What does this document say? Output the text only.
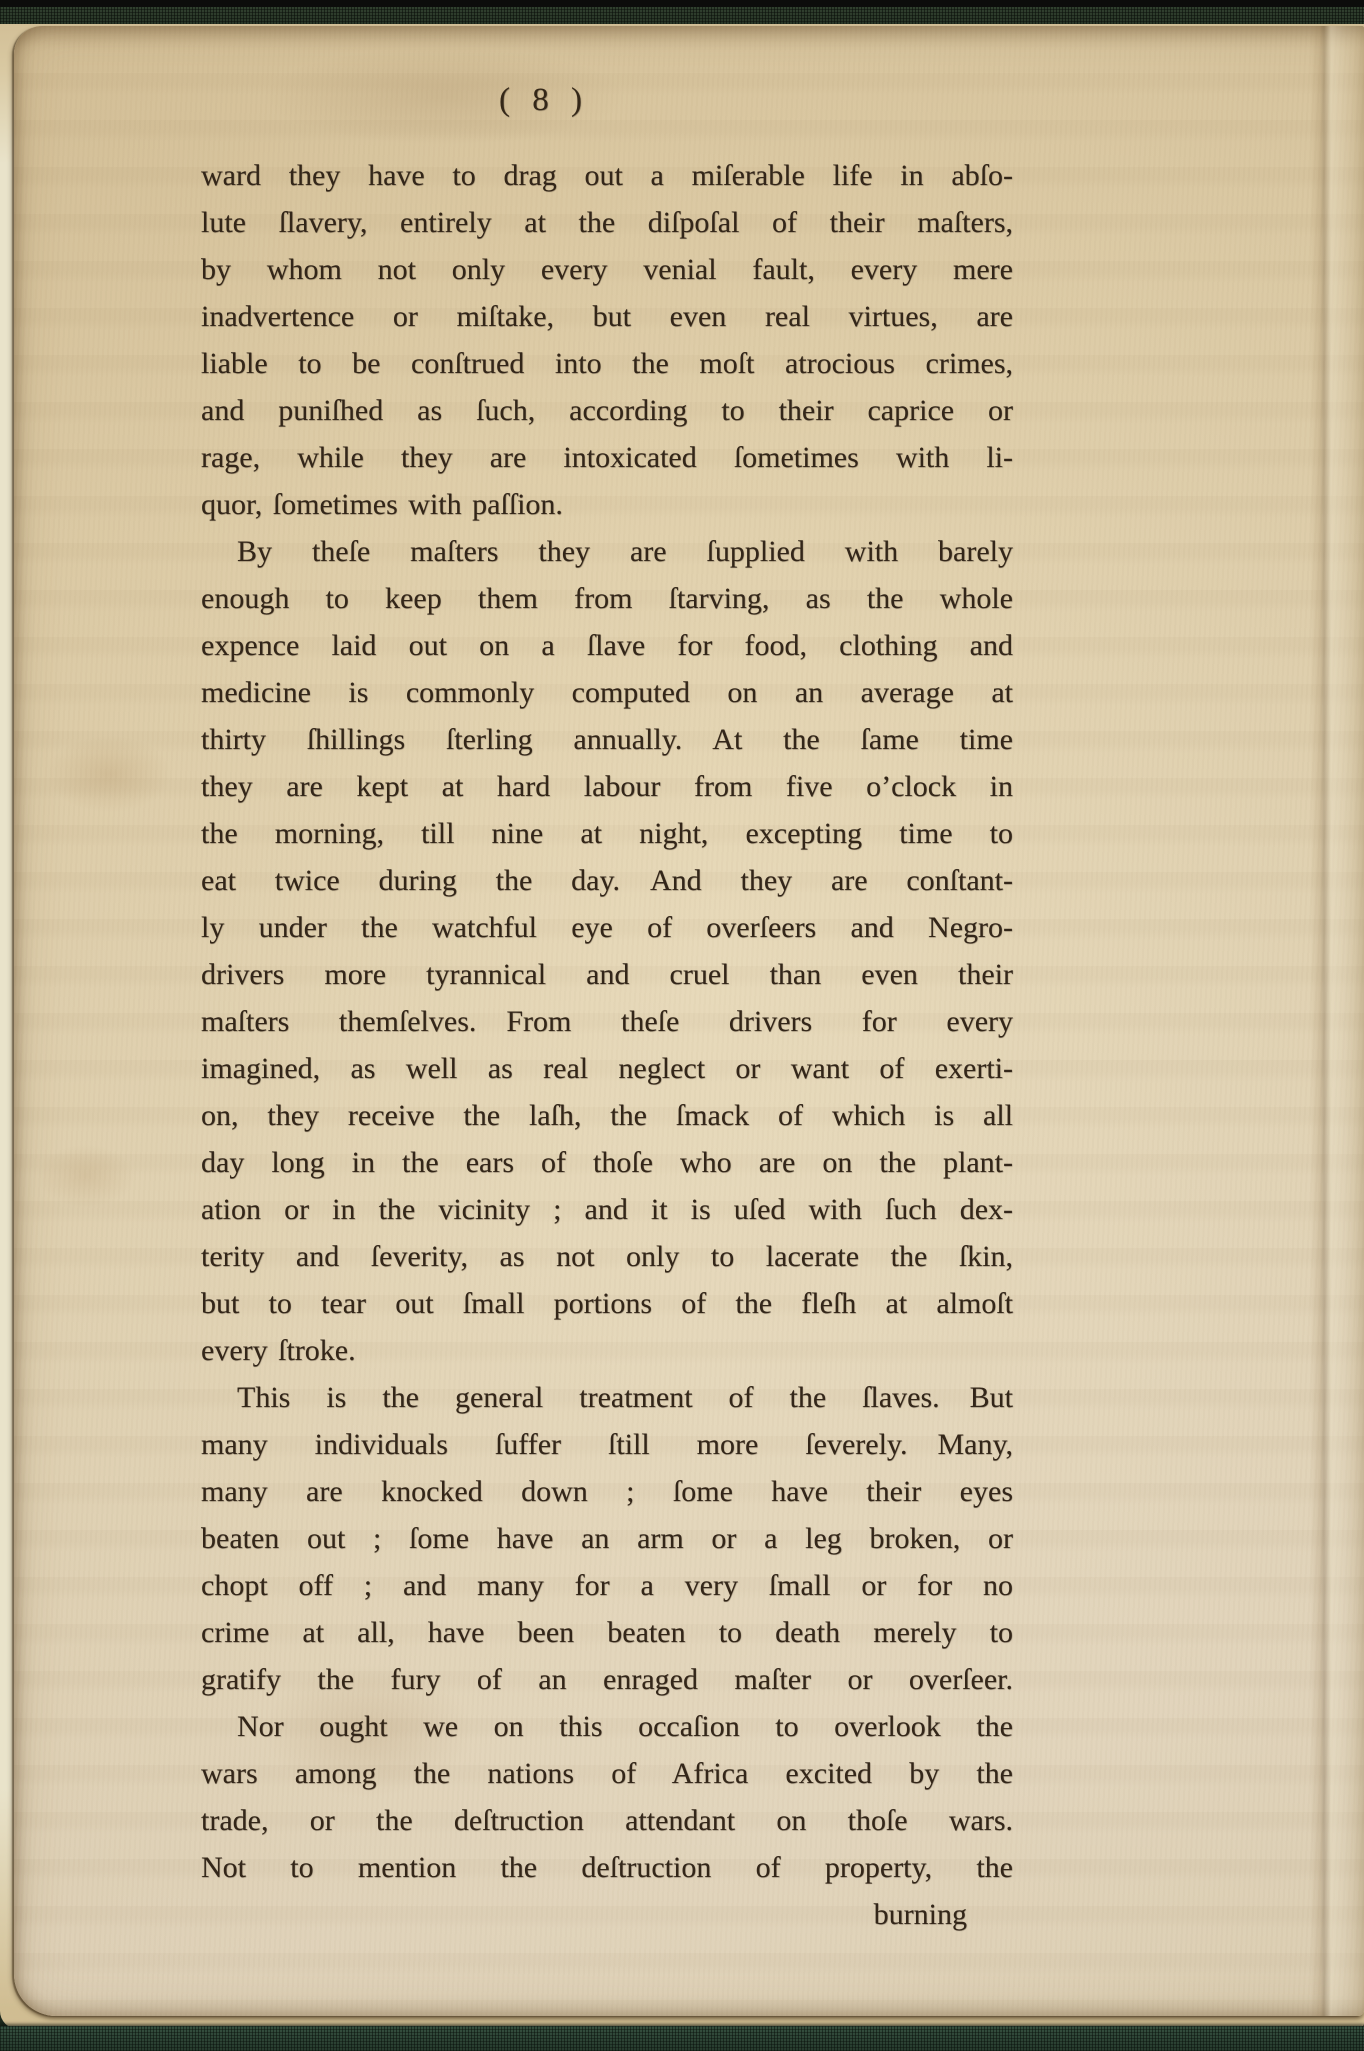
( 8 )
ward they have to drag out a miſerable life in abſo-
lute ſlavery, entirely at the diſpoſal of their maſters,
by whom not only every venial fault, every mere
inadvertence or miſtake, but even real virtues, are
liable to be conſtrued into the moſt atrocious crimes,
and puniſhed as ſuch, according to their caprice or
rage, while they are intoxicated ſometimes with li-
quor, ſometimes with paſſion.
By theſe maſters they are ſupplied with barely
enough to keep them from ſtarving, as the whole
expence laid out on a ſlave for food, clothing and
medicine is commonly computed on an average at
thirty ſhillings ſterling annually. At the ſame time
they are kept at hard labour from five o’clock in
the morning, till nine at night, excepting time to
eat twice during the day. And they are conſtant-
ly under the watchful eye of overſeers and Negro-
drivers more tyrannical and cruel than even their
maſters themſelves. From theſe drivers for every
imagined, as well as real neglect or want of exerti-
on, they receive the laſh, the ſmack of which is all
day long in the ears of thoſe who are on the plant-
ation or in the vicinity ; and it is uſed with ſuch dex-
terity and ſeverity, as not only to lacerate the ſkin,
but to tear out ſmall portions of the fleſh at almoſt
every ſtroke.
This is the general treatment of the ſlaves. But
many individuals ſuffer ſtill more ſeverely. Many,
many are knocked down ; ſome have their eyes
beaten out ; ſome have an arm or a leg broken, or
chopt off ; and many for a very ſmall or for no
crime at all, have been beaten to death merely to
gratify the fury of an enraged maſter or overſeer.
Nor ought we on this occaſion to overlook the
wars among the nations of Africa excited by the
trade, or the deſtruction attendant on thoſe wars.
Not to mention the deſtruction of property, the
burning
